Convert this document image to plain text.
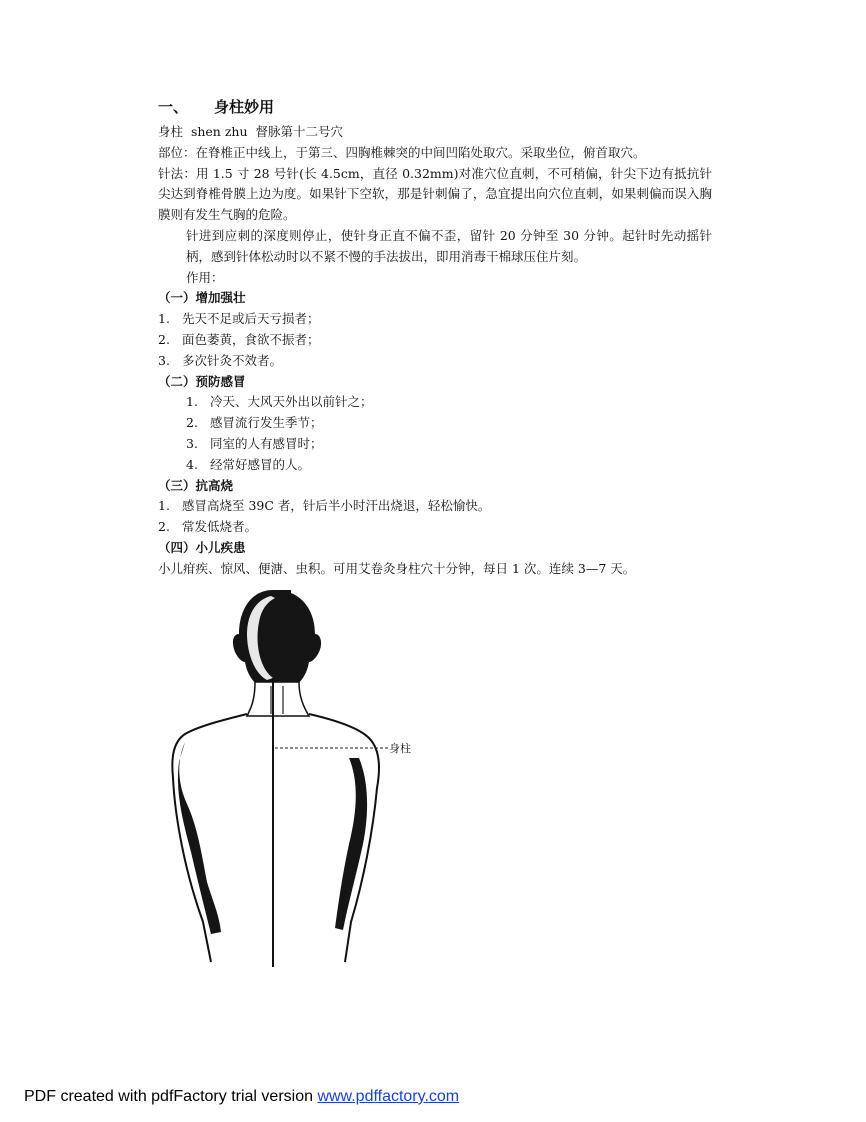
一、 身柱妙用

身柱  shen zhu  督脉第十二号穴

部位：在脊椎正中线上，于第三、四胸椎棘突的中间凹陷处取穴。采取坐位，俯首取穴。

针法：用 1.5 寸 28 号针(长 4.5cm，直径 0.32mm)对准穴位直刺，不可稍偏，针尖下边有抵抗针尖达到脊椎骨膜上边为度。如果针下空软，那是针刺偏了，急宜提出向穴位直刺，如果刺偏而误入胸膜则有发生气胸的危险。

针进到应刺的深度则停止，使针身正直不偏不歪，留针 20 分钟至 30 分钟。起针时先动摇针柄，感到针体松动时以不紧不慢的手法拔出，即用消毒干棉球压住片刻。

作用：

（一）增加强壮

1. 先天不足或后天亏损者；
2. 面色萎黄，食欲不振者；
3. 多次针灸不效者。

（二）预防感冒

1. 冷天、大风天外出以前针之；
2. 感冒流行发生季节；
3. 同室的人有感冒时；
4. 经常好感冒的人。

（三）抗高烧

1. 感冒高烧至 39C 者，针后半小时汗出烧退，轻松愉快。
2. 常发低烧者。

（四）小儿疾患

小儿疳疾、惊风、便溏、虫积。可用艾卷灸身柱穴十分钟，每日 1 次。连续 3—7 天。

身柱
PDF created with pdfFactory trial version www.pdffactory.com
